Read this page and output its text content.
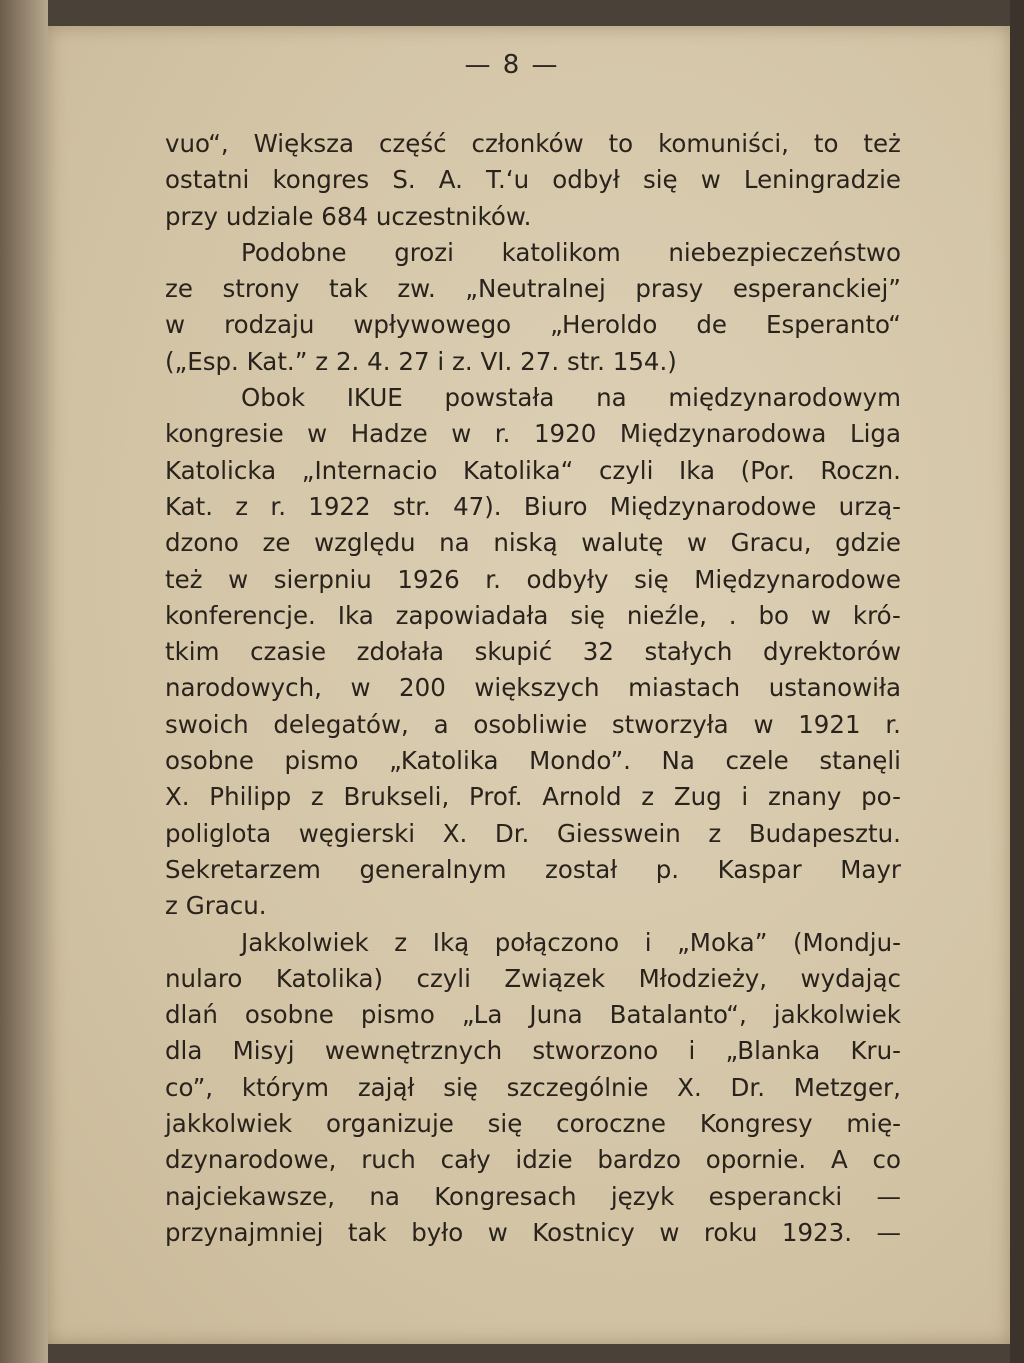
— 8 —
vuo“, Większa część członków to komuniści, to też
ostatni kongres S. A. T.‘u odbył się w Leningradzie
przy udziale 684 uczestników.
Podobne grozi katolikom niebezpieczeństwo
ze strony tak zw. „Neutralnej prasy esperanckiej”
w rodzaju wpływowego „Heroldo de Esperanto“
(„Esp. Kat.” z 2. 4. 27 i z. VI. 27. str. 154.)
Obok IKUE powstała na międzynarodowym
kongresie w Hadze w r. 1920 Międzynarodowa Liga
Katolicka „Internacio Katolika“ czyli Ika (Por. Roczn.
Kat. z r. 1922 str. 47). Biuro Międzynarodowe urzą-
dzono ze względu na niską walutę w Gracu, gdzie
też w sierpniu 1926 r. odbyły się Międzynarodowe
konferencje. Ika zapowiadała się nieźle, . bo w kró-
tkim czasie zdołała skupić 32 stałych dyrektorów
narodowych, w 200 większych miastach ustanowiła
swoich delegatów, a osobliwie stworzyła w 1921 r.
osobne pismo „Katolika Mondo”. Na czele stanęli
X. Philipp z Brukseli, Prof. Arnold z Zug i znany po-
poliglota węgierski X. Dr. Giesswein z Budapesztu.
Sekretarzem generalnym został p. Kaspar Mayr
z Gracu.
Jakkolwiek z Iką połączono i „Moka” (Mondju-
nularo Katolika) czyli Związek Młodzieży, wydając
dlań osobne pismo „La Juna Batalanto“, jakkolwiek
dla Misyj wewnętrznych stworzono i „Blanka Kru-
co”, którym zajął się szczególnie X. Dr. Metzger,
jakkolwiek organizuje się coroczne Kongresy mię-
dzynarodowe, ruch cały idzie bardzo opornie. A co
najciekawsze, na Kongresach język esperancki —
przynajmniej tak było w Kostnicy w roku 1923. —
